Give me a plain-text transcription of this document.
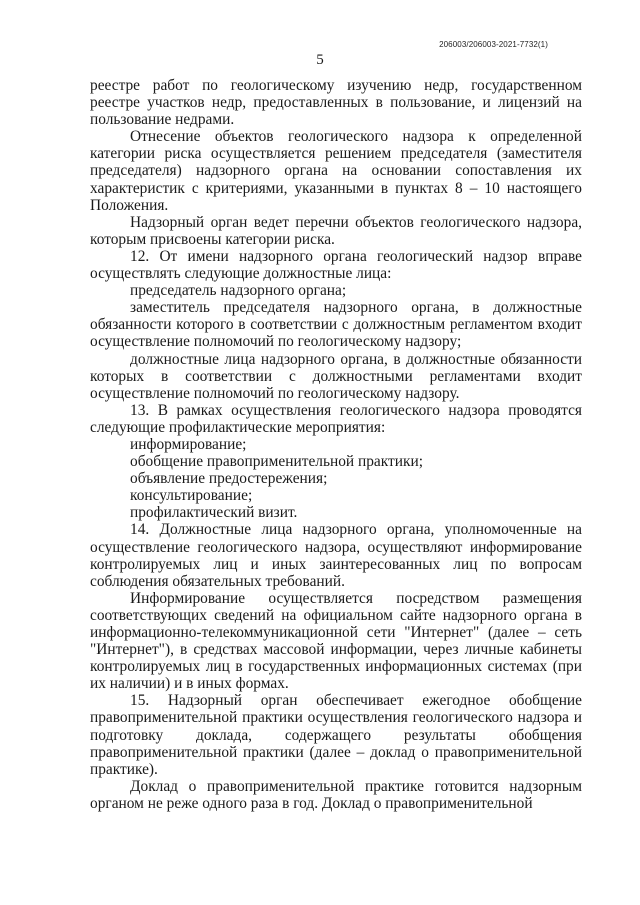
206003/206003-2021-7732(1)
5

реестре работ по геологическому изучению недр, государственном реестре участков недр, предоставленных в пользование, и лицензий на пользование недрами.

Отнесение объектов геологического надзора к определенной категории риска осуществляется решением председателя (заместителя председателя) надзорного органа на основании сопоставления их характеристик с критериями, указанными в пунктах 8 – 10 настоящего Положения.

Надзорный орган ведет перечни объектов геологического надзора, которым присвоены категории риска.

12. От имени надзорного органа геологический надзор вправе осуществлять следующие должностные лица:

председатель надзорного органа;

заместитель председателя надзорного органа, в должностные обязанности которого в соответствии с должностным регламентом входит осуществление полномочий по геологическому надзору;

должностные лица надзорного органа, в должностные обязанности которых в соответствии с должностными регламентами входит осуществление полномочий по геологическому надзору.

13. В рамках осуществления геологического надзора проводятся следующие профилактические мероприятия:

информирование;

обобщение правоприменительной практики;

объявление предостережения;

консультирование;

профилактический визит.

14. Должностные лица надзорного органа, уполномоченные на осуществление геологического надзора, осуществляют информирование контролируемых лиц и иных заинтересованных лиц по вопросам соблюдения обязательных требований.

Информирование осуществляется посредством размещения соответствующих сведений на официальном сайте надзорного органа в информационно-телекоммуникационной сети "Интернет" (далее – сеть "Интернет"), в средствах массовой информации, через личные кабинеты контролируемых лиц в государственных информационных системах (при их наличии) и в иных формах.

15. Надзорный орган обеспечивает ежегодное обобщение правоприменительной практики осуществления геологического надзора и подготовку доклада, содержащего результаты обобщения правоприменительной практики (далее – доклад о правоприменительной практике).

Доклад о правоприменительной практике готовится надзорным органом не реже одного раза в год. Доклад о правоприменительной
